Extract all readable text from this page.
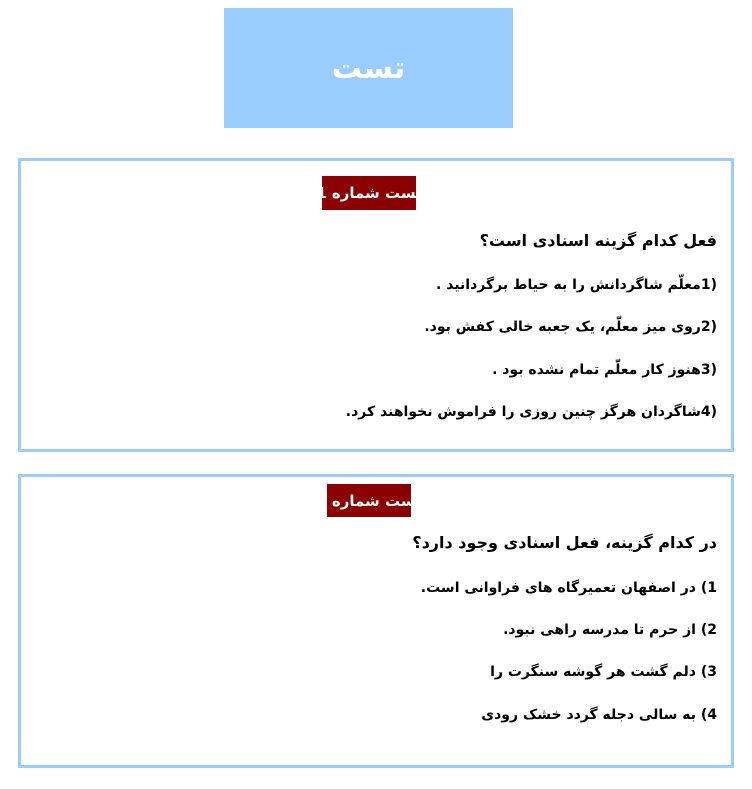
تست
تست شماره 1
فعل کدام گزینه اسنادی است؟
(1معلّم شاگردانش را به حیاط برگردانید .
(2روی میز معلّم، یک جعبه خالی کفش بود.
(3هنوز کار معلّم تمام نشده بود .
(4شاگردان هرگز چنین روزی را فراموش نخواهند کرد.
تست شماره 2
در کدام گزینه، فعل اسنادی وجود دارد؟
1) در اصفهان تعمیرگاه های فراوانی است.
2) از حرم تا مدرسه راهی نبود.
3) دلم گشت هر گوشه سنگرت را
4) به سالی دجله گردد خشک رودی
